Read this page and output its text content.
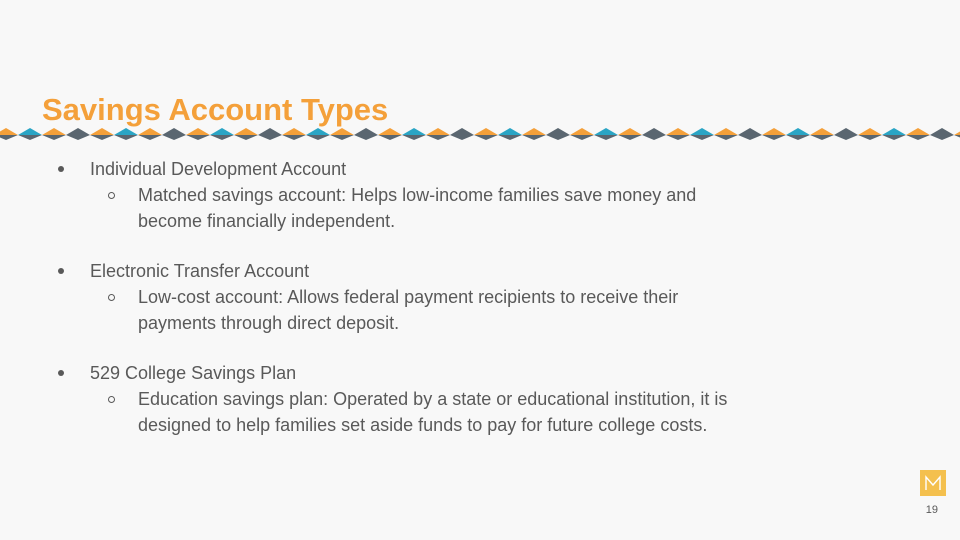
Savings Account Types

Individual Development Account

Matched savings account: Helps low-income families save money and
become financially independent.

Electronic Transfer Account

Low-cost account: Allows federal payment recipients to receive their
payments through direct deposit.

529 College Savings Plan

Education savings plan: Operated by a state or educational institution, it is
designed to help families set aside funds to pay for future college costs.

19
